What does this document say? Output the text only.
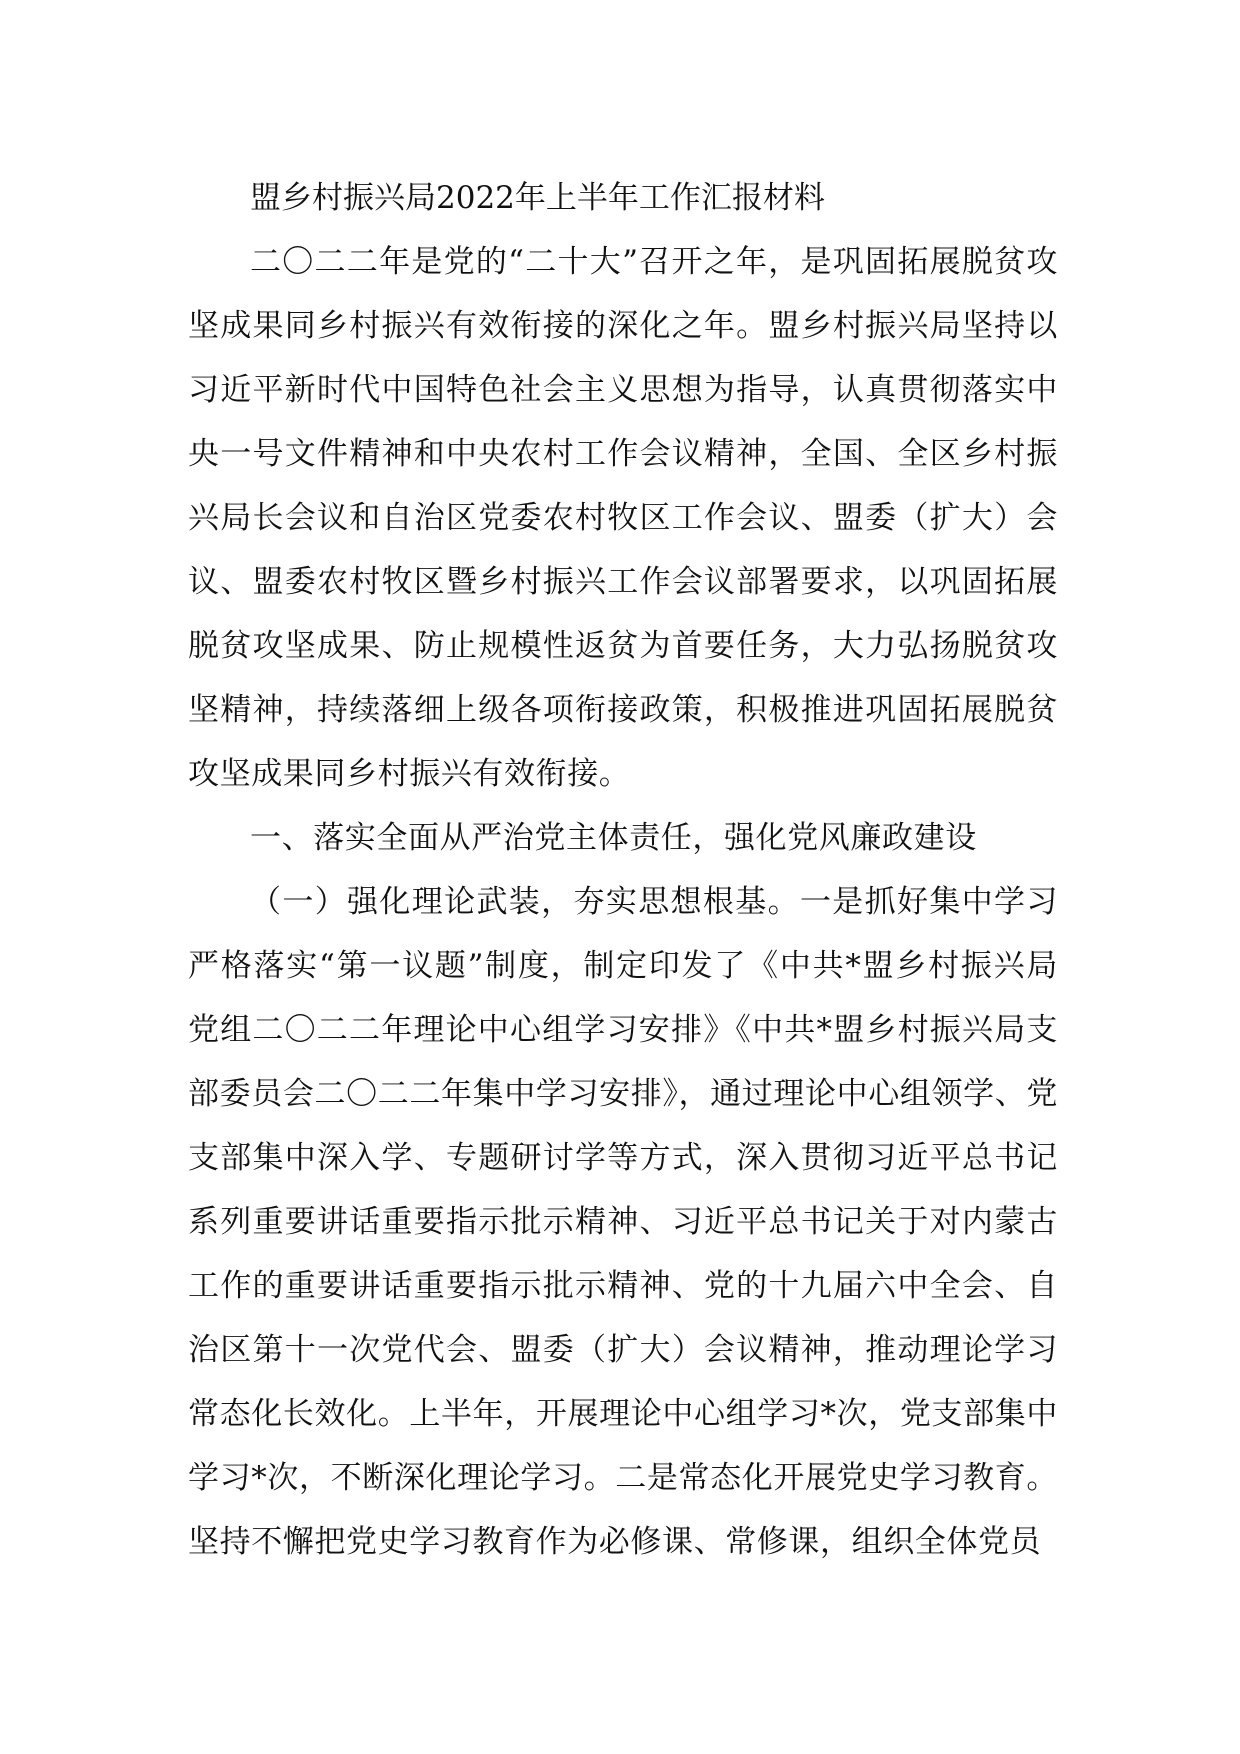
盟乡村振兴局2022年上半年工作汇报材料

二〇二二年是党的“二十大”召开之年，是巩固拓展脱贫攻坚成果同乡村振兴有效衔接的深化之年。盟乡村振兴局坚持以习近平新时代中国特色社会主义思想为指导，认真贯彻落实中央一号文件精神和中央农村工作会议精神，全国、全区乡村振兴局长会议和自治区党委农村牧区工作会议、盟委（扩大）会议、盟委农村牧区暨乡村振兴工作会议部署要求，以巩固拓展脱贫攻坚成果、防止规模性返贫为首要任务，大力弘扬脱贫攻坚精神，持续落细上级各项衔接政策，积极推进巩固拓展脱贫攻坚成果同乡村振兴有效衔接。

一、落实全面从严治党主体责任，强化党风廉政建设

（一）强化理论武装，夯实思想根基。一是抓好集中学习严格落实“第一议题”制度，制定印发了《中共*盟乡村振兴局党组二〇二二年理论中心组学习安排》《中共*盟乡村振兴局支部委员会二〇二二年集中学习安排》，通过理论中心组领学、党支部集中深入学、专题研讨学等方式，深入贯彻习近平总书记系列重要讲话重要指示批示精神、习近平总书记关于对内蒙古工作的重要讲话重要指示批示精神、党的十九届六中全会、自治区第十一次党代会、盟委（扩大）会议精神，推动理论学习常态化长效化。上半年，开展理论中心组学习*次，党支部集中学习*次，不断深化理论学习。二是常态化开展党史学习教育。坚持不懈把党史学习教育作为必修课、常修课，组织全体党员
